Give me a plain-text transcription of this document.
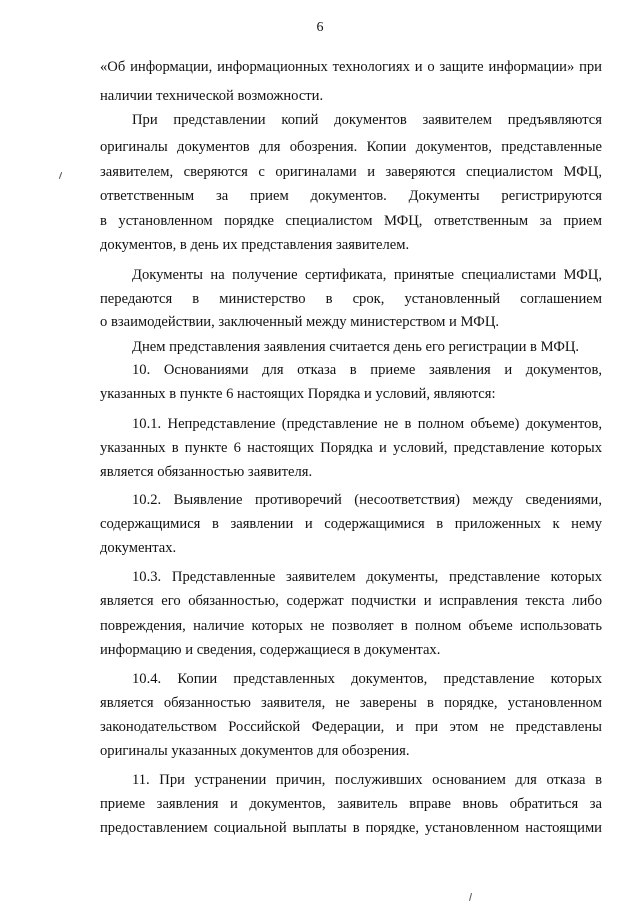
6
«Об информации, информационных технологиях и о защите информации» при
наличии технической возможности.
При представлении копий документов заявителем предъявляются
оригиналы документов для обозрения. Копии документов, представленные
заявителем, сверяются с оригиналами и заверяются специалистом МФЦ,
ответственным за прием документов. Документы регистрируются
в установленном порядке специалистом МФЦ, ответственным за прием
документов, в день их представления заявителем.
Документы на получение сертификата, принятые специалистами МФЦ,
передаются в министерство в срок, установленный соглашением
о взаимодействии, заключенный между министерством и МФЦ.
Днем представления заявления считается день его регистрации в МФЦ.
10. Основаниями для отказа в приеме заявления и документов,
указанных в пункте 6 настоящих Порядка и условий, являются:
10.1. Непредставление (представление не в полном объеме) документов,
указанных в пункте 6 настоящих Порядка и условий, представление которых
является обязанностью заявителя.
10.2. Выявление противоречий (несоответствия) между сведениями,
содержащимися в заявлении и содержащимися в приложенных к нему
документах.
10.3. Представленные заявителем документы, представление которых
является его обязанностью, содержат подчистки и исправления текста либо
повреждения, наличие которых не позволяет в полном объеме использовать
информацию и сведения, содержащиеся в документах.
10.4. Копии представленных документов, представление которых
является обязанностью заявителя, не заверены в порядке, установленном
законодательством Российской Федерации, и при этом не представлены
оригиналы указанных документов для обозрения.
11. При устранении причин, послуживших основанием для отказа в
приеме заявления и документов, заявитель вправе вновь обратиться за
предоставлением социальной выплаты в порядке, установленном настоящими
